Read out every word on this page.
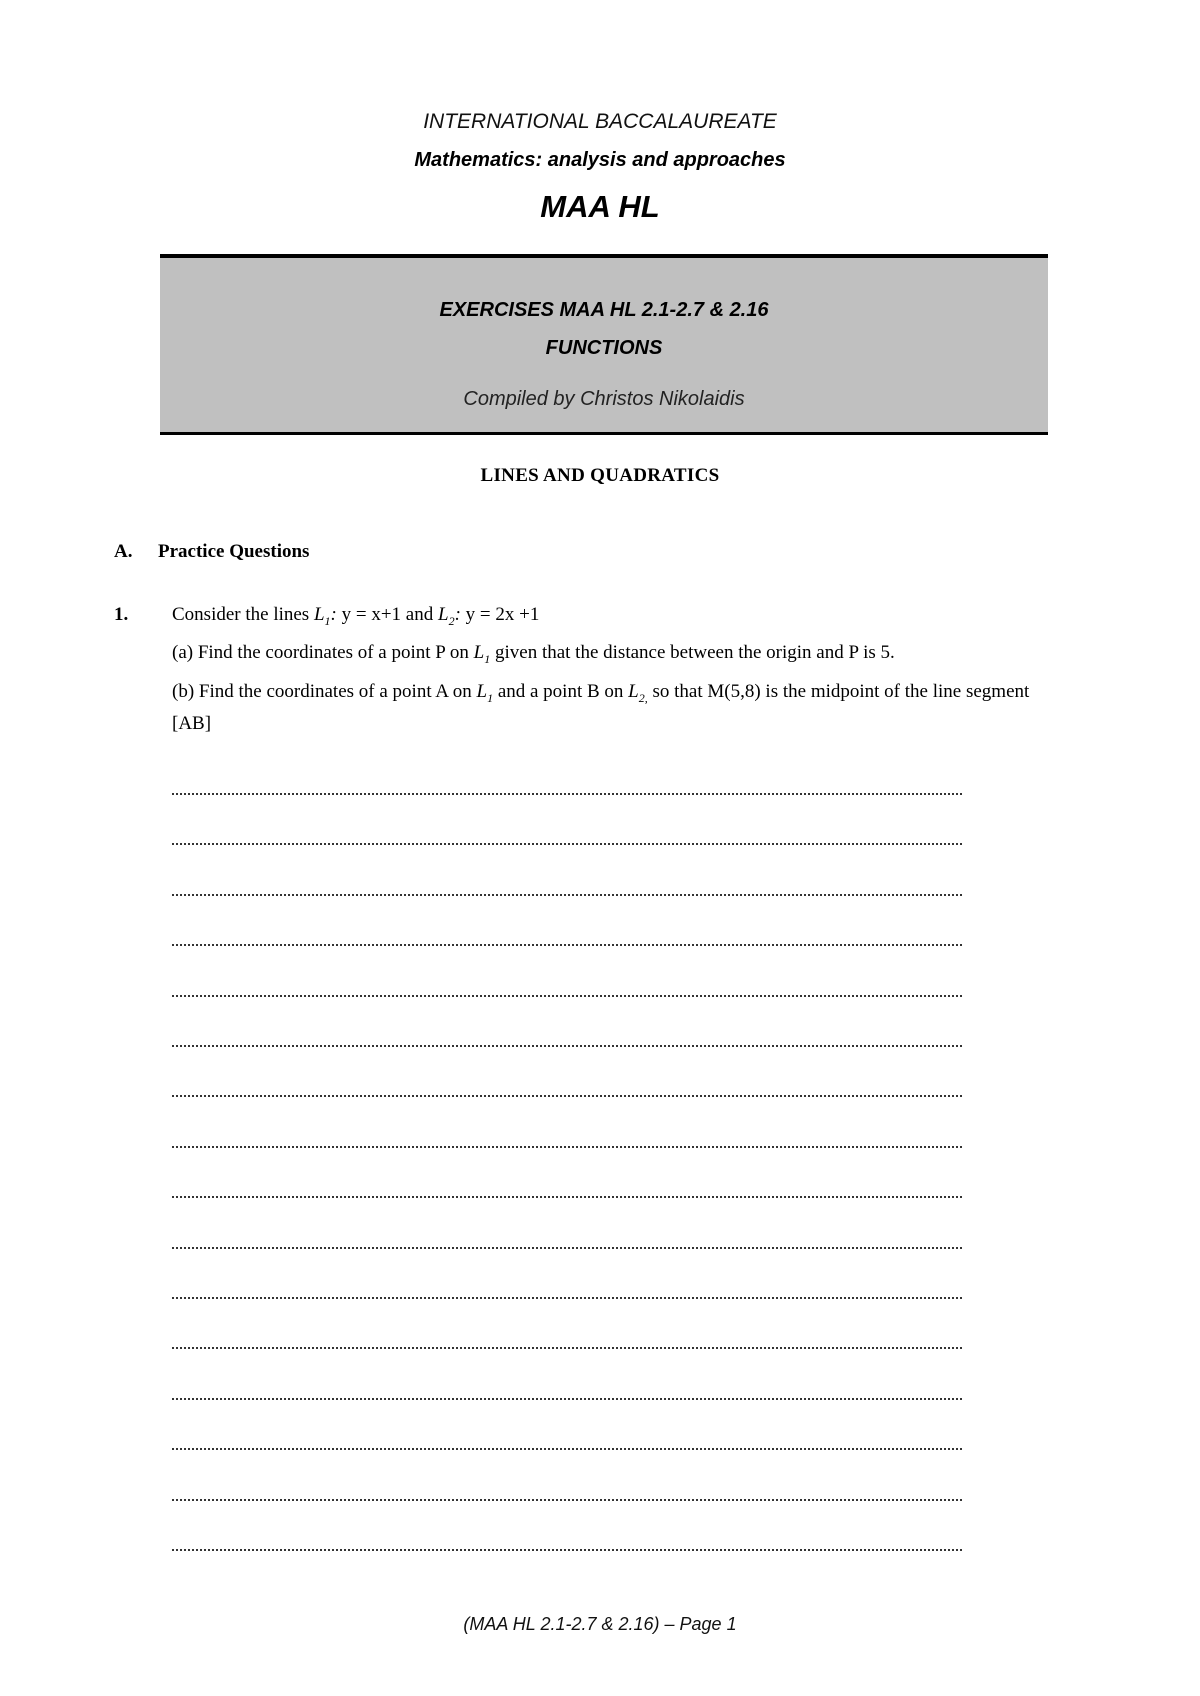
INTERNATIONAL BACCALAUREATE
Mathematics: analysis and approaches
MAA HL
EXERCISES MAA HL 2.1-2.7 & 2.16
FUNCTIONS
Compiled by Christos Nikolaidis
LINES AND QUADRATICS
A. Practice Questions
1. Consider the lines $L_1$: y = x+1 and $L_2$: y = 2x +1
(a) Find the coordinates of a point P on $L_1$ given that the distance between the origin and P is 5.
(b) Find the coordinates of a point A on $L_1$ and a point B on $L_{2,}$ so that M(5,8) is the midpoint of the line segment [AB]
(MAA HL 2.1-2.7 & 2.16) – Page 1
